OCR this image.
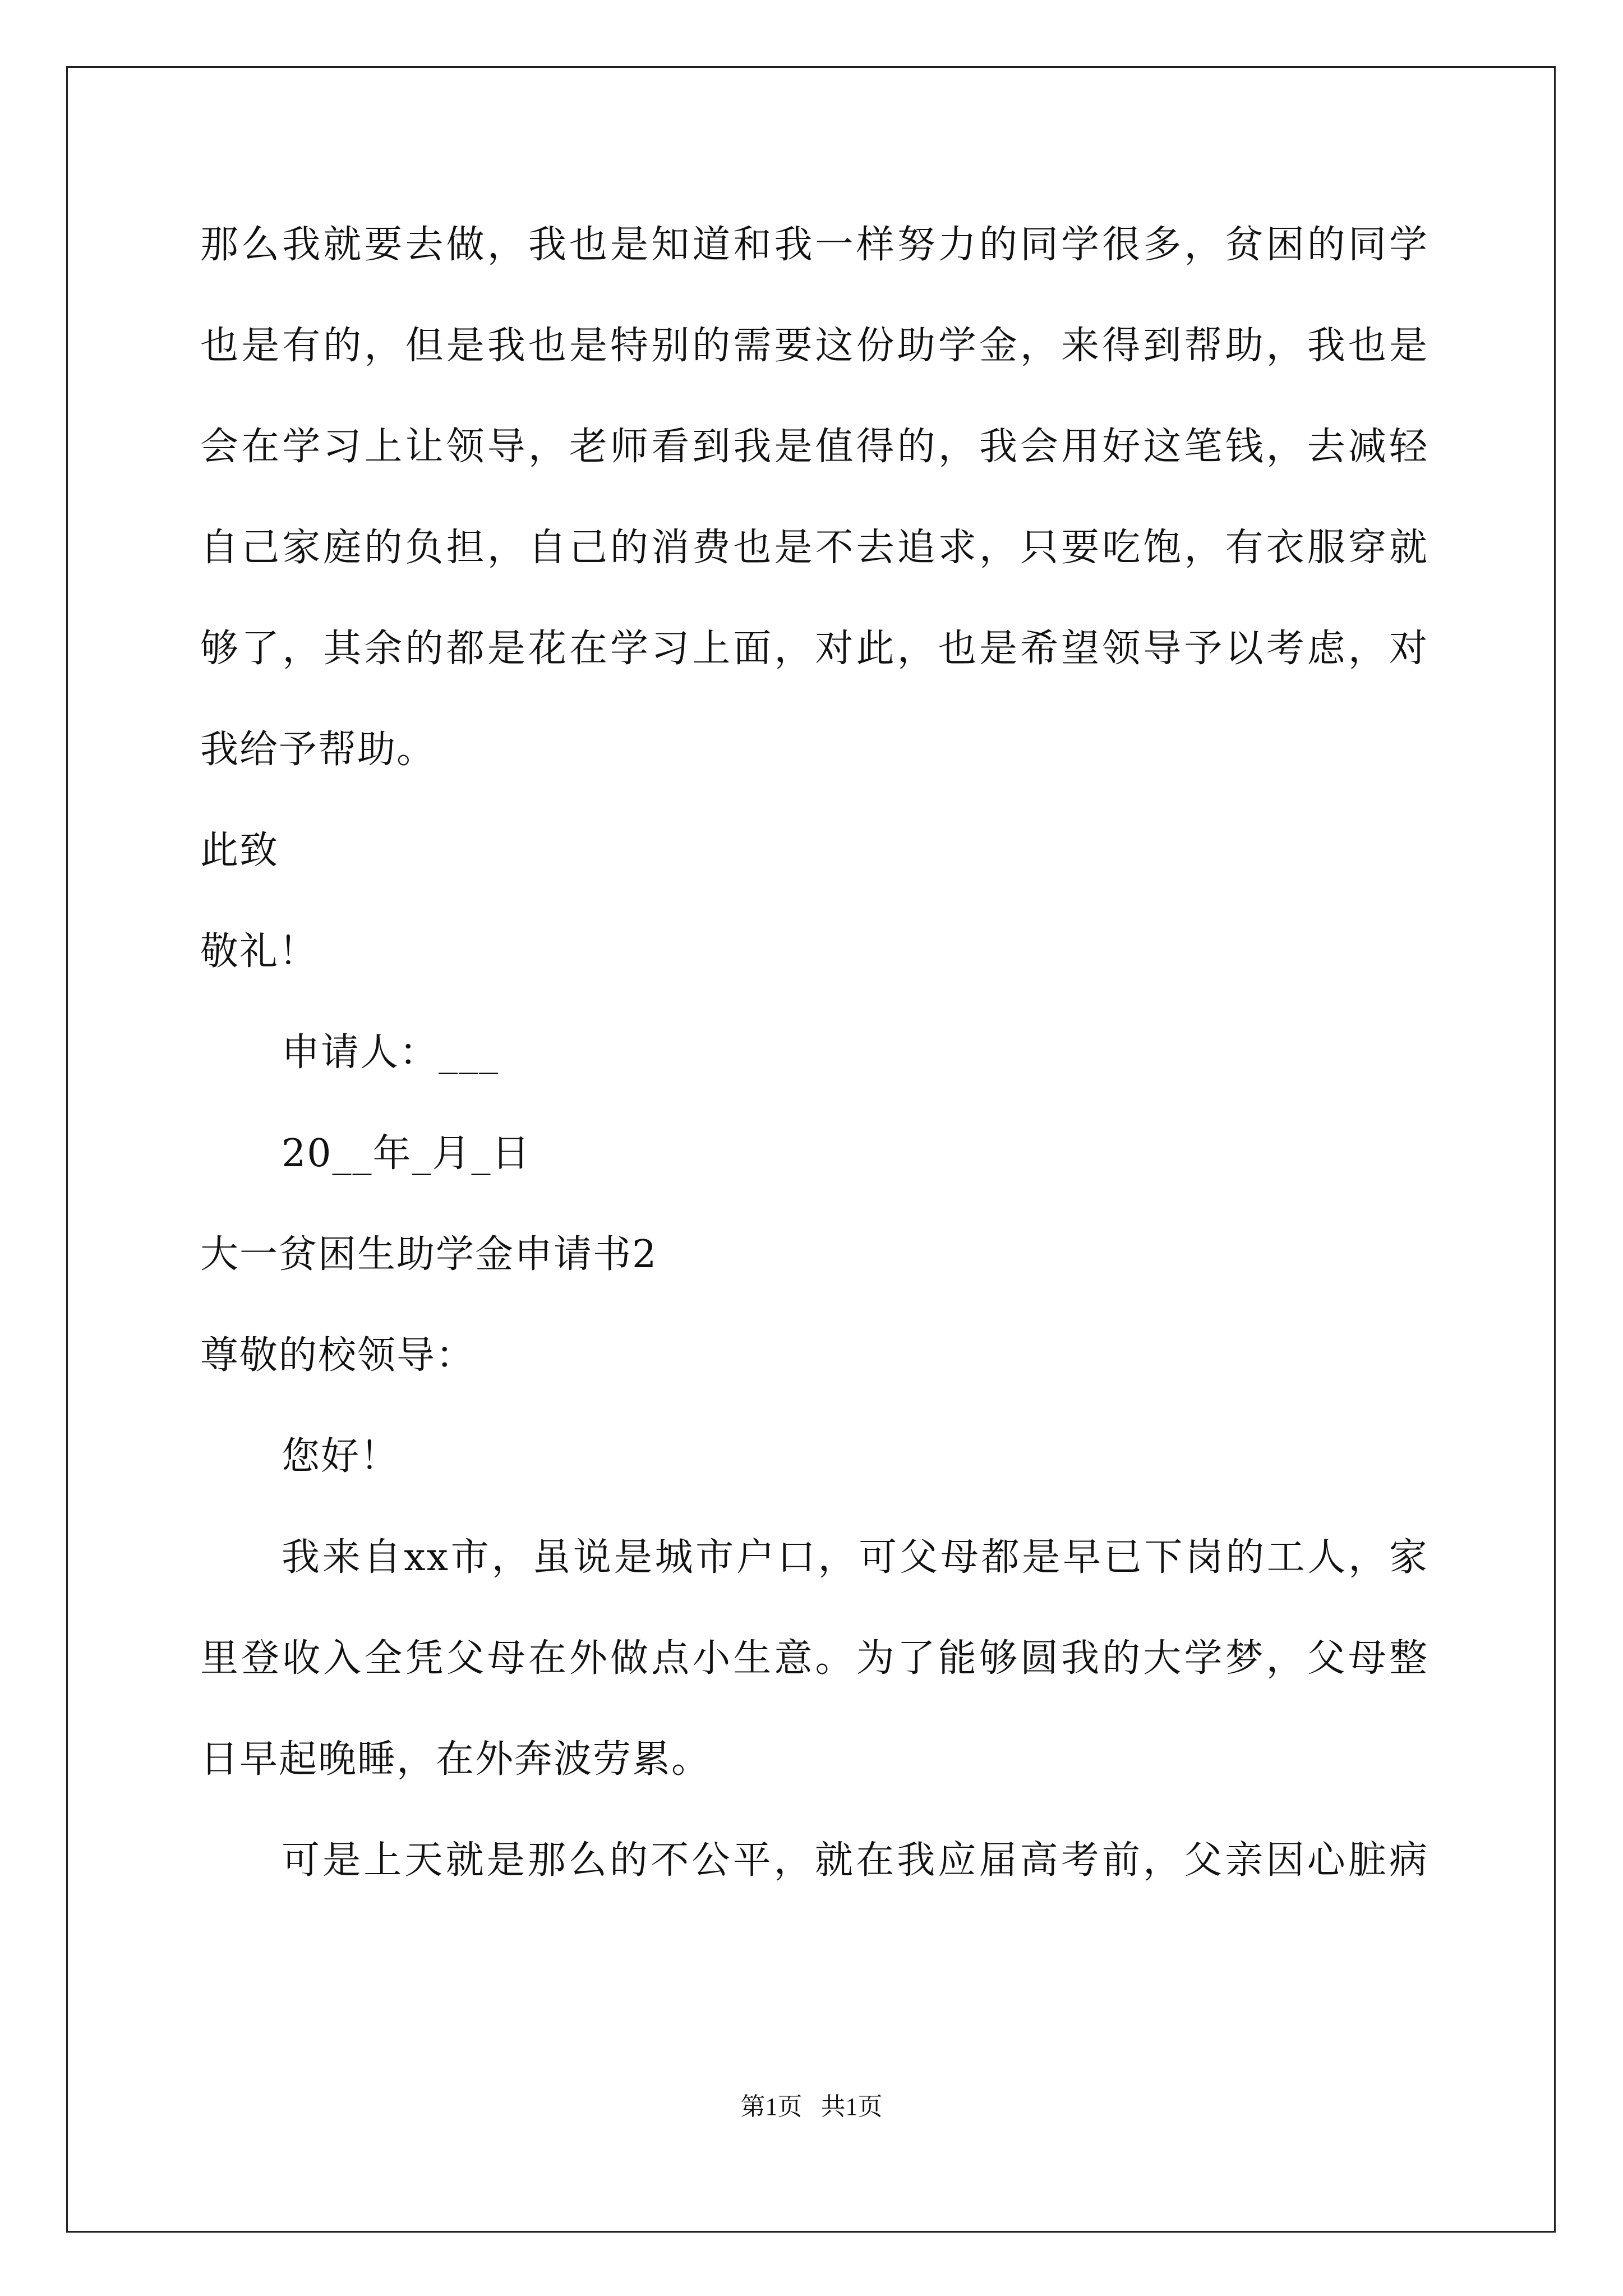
那么我就要去做，我也是知道和我一样努力的同学很多，贫困的同学
也是有的，但是我也是特别的需要这份助学金，来得到帮助，我也是
会在学习上让领导，老师看到我是值得的，我会用好这笔钱，去减轻
自己家庭的负担，自己的消费也是不去追求，只要吃饱，有衣服穿就
够了，其余的都是花在学习上面，对此，也是希望领导予以考虑，对
我给予帮助。
此致
敬礼！
申请人：___
20__年_月_日
大一贫困生助学金申请书2
尊敬的校领导：
您好！
我来自xx市，虽说是城市户口，可父母都是早已下岗的工人，家
里登收入全凭父母在外做点小生意。为了能够圆我的大学梦，父母整
日早起晚睡，在外奔波劳累。
可是上天就是那么的不公平，就在我应届高考前，父亲因心脏病
第1页   共1页
